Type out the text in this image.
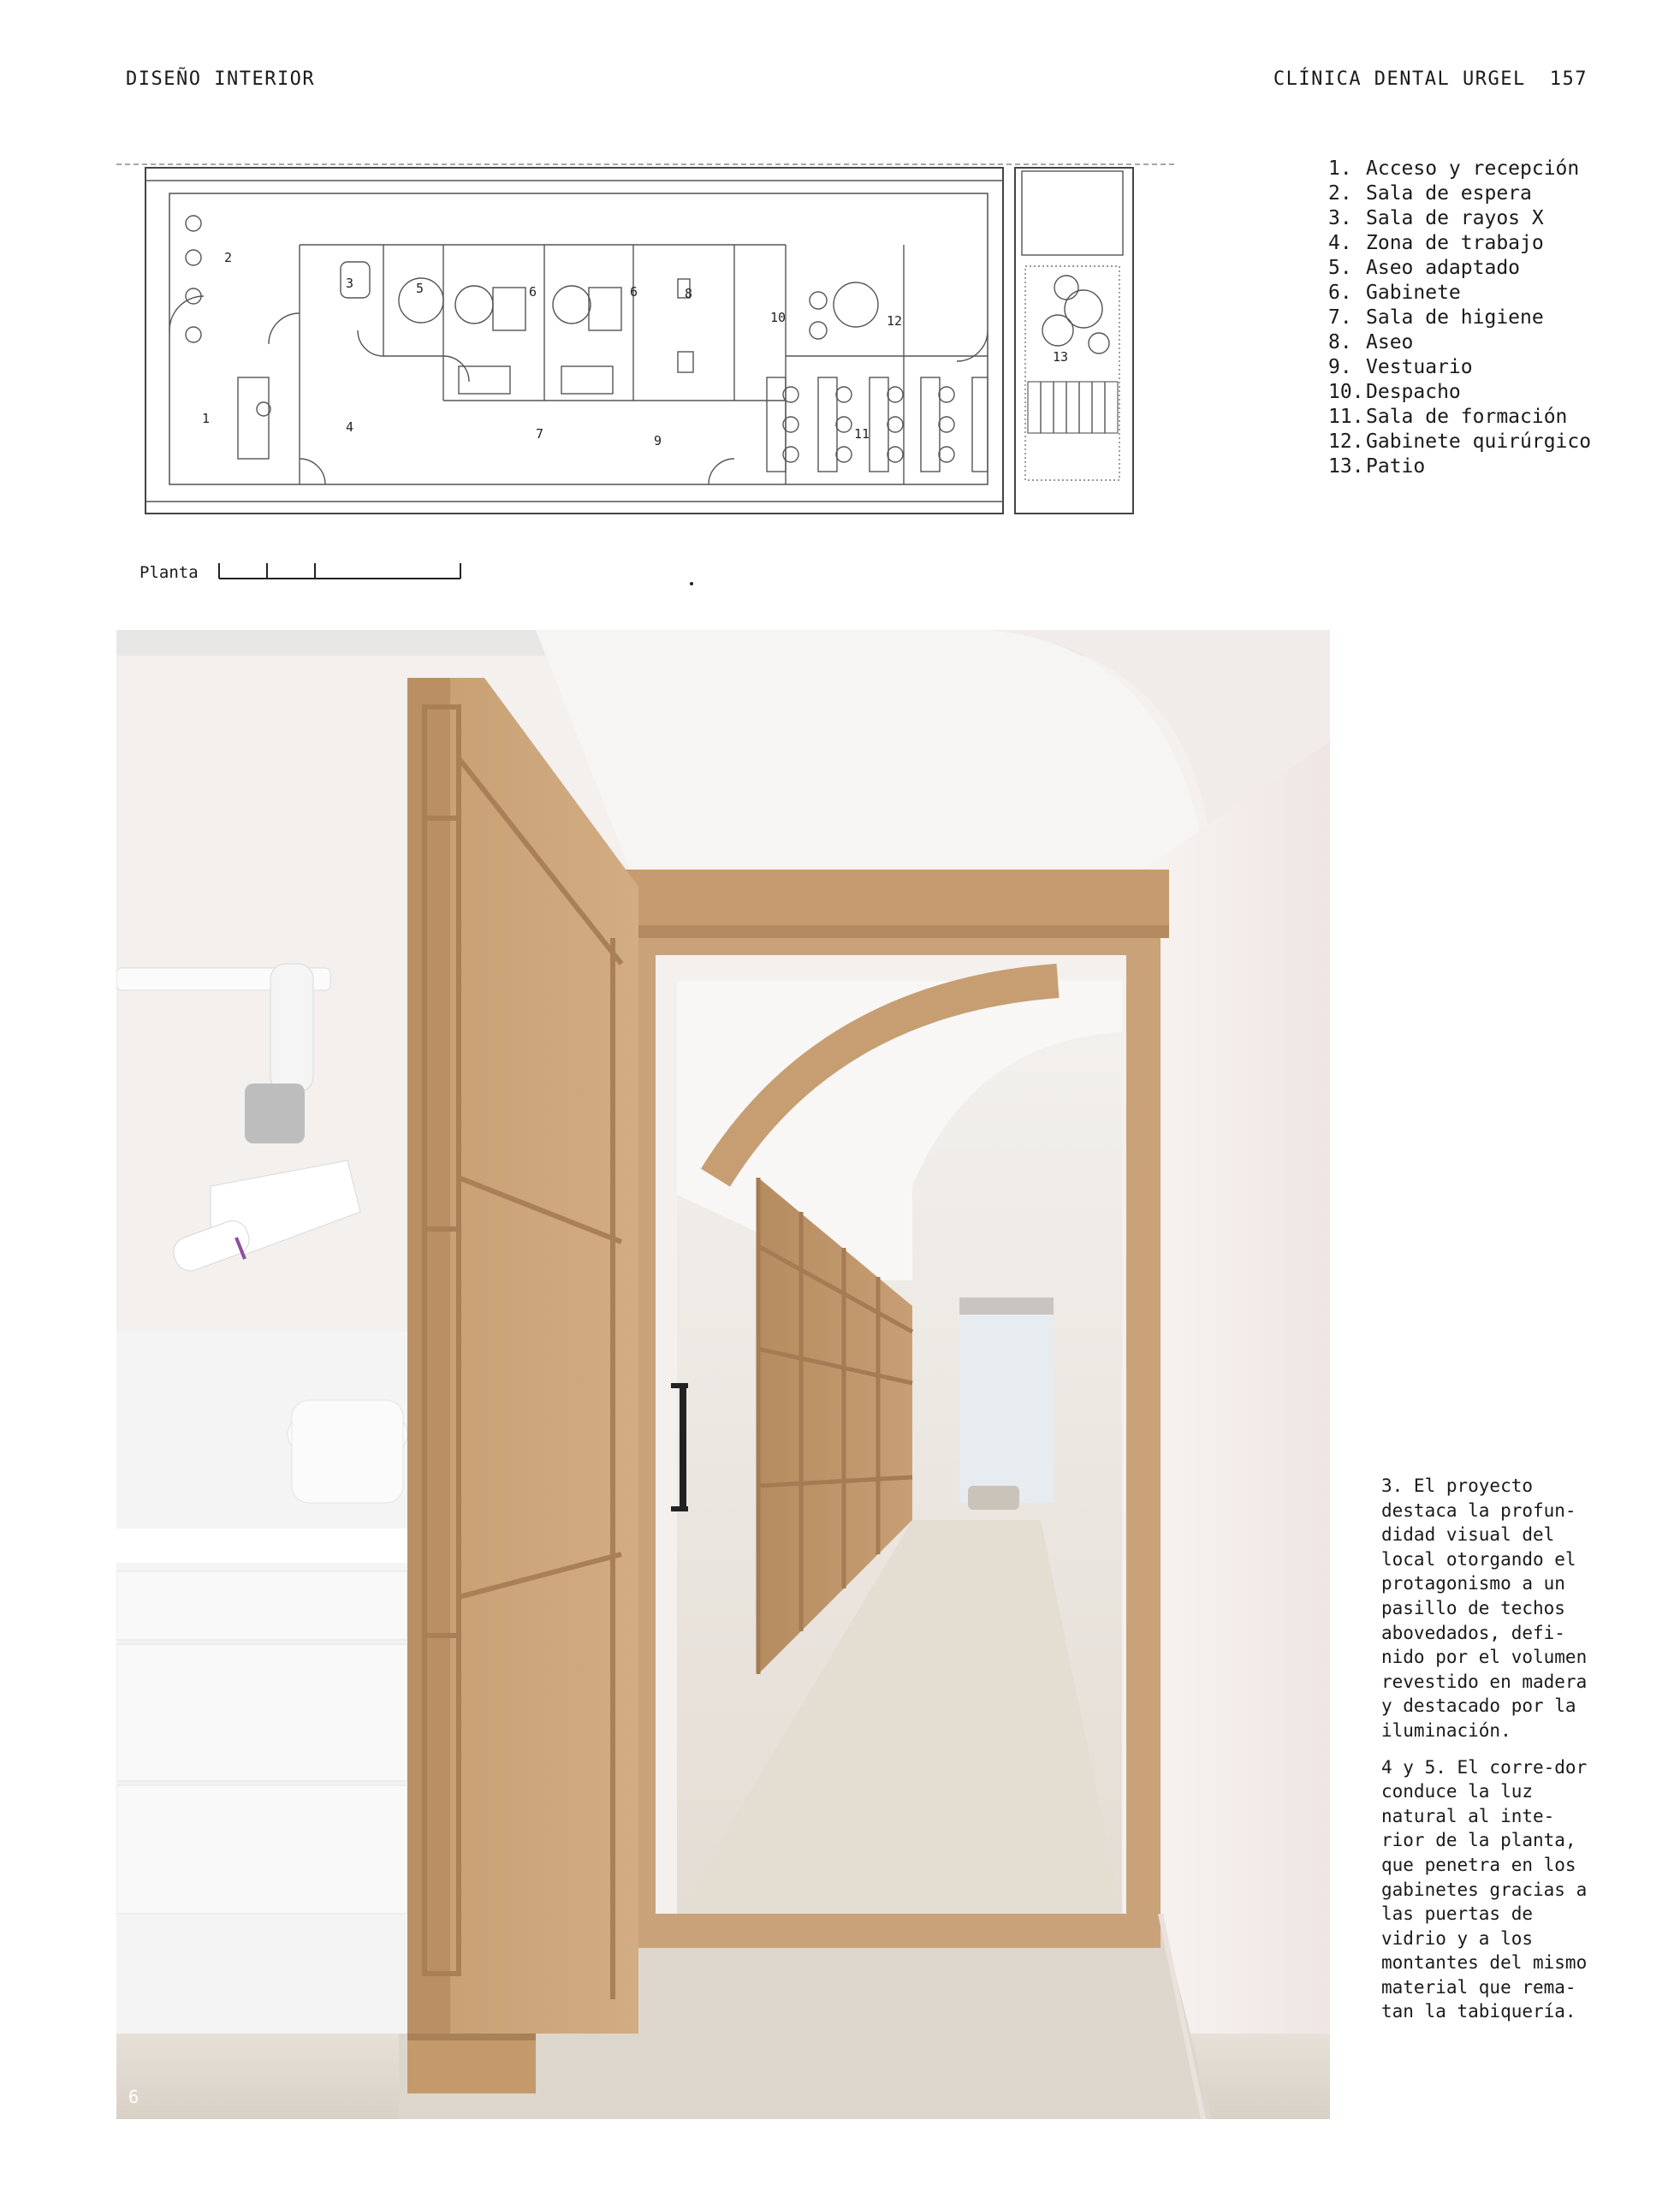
DISEÑO INTERIOR	CLÍNICA DENTAL URGEL 157
1
2
3
4
5	6	6
7
8
9
10
11
12
13
1. Acceso y recepción
2. Sala de espera
3. Sala de rayos X
4. Zona de trabajo
5. Aseo adaptado
6. Gabinete
7. Sala de higiene
8. Aseo
9. Vestuario
10. Despacho
11. Sala de formación
12. Gabinete quirúrgico
13. Patio
Planta
6

3. El proyecto destaca la profun-didad visual del local otorgando el protagonismo a un pasillo de techos abovedados, defi-nido por el volumen revestido en madera y destacado por la iluminación.

4 y 5. El corre-dor conduce la luz natural al inte-rior de la planta, que penetra en los gabinetes gracias a las puertas de vidrio y a los montantes del mismo material que rema-tan la tabiquería.
